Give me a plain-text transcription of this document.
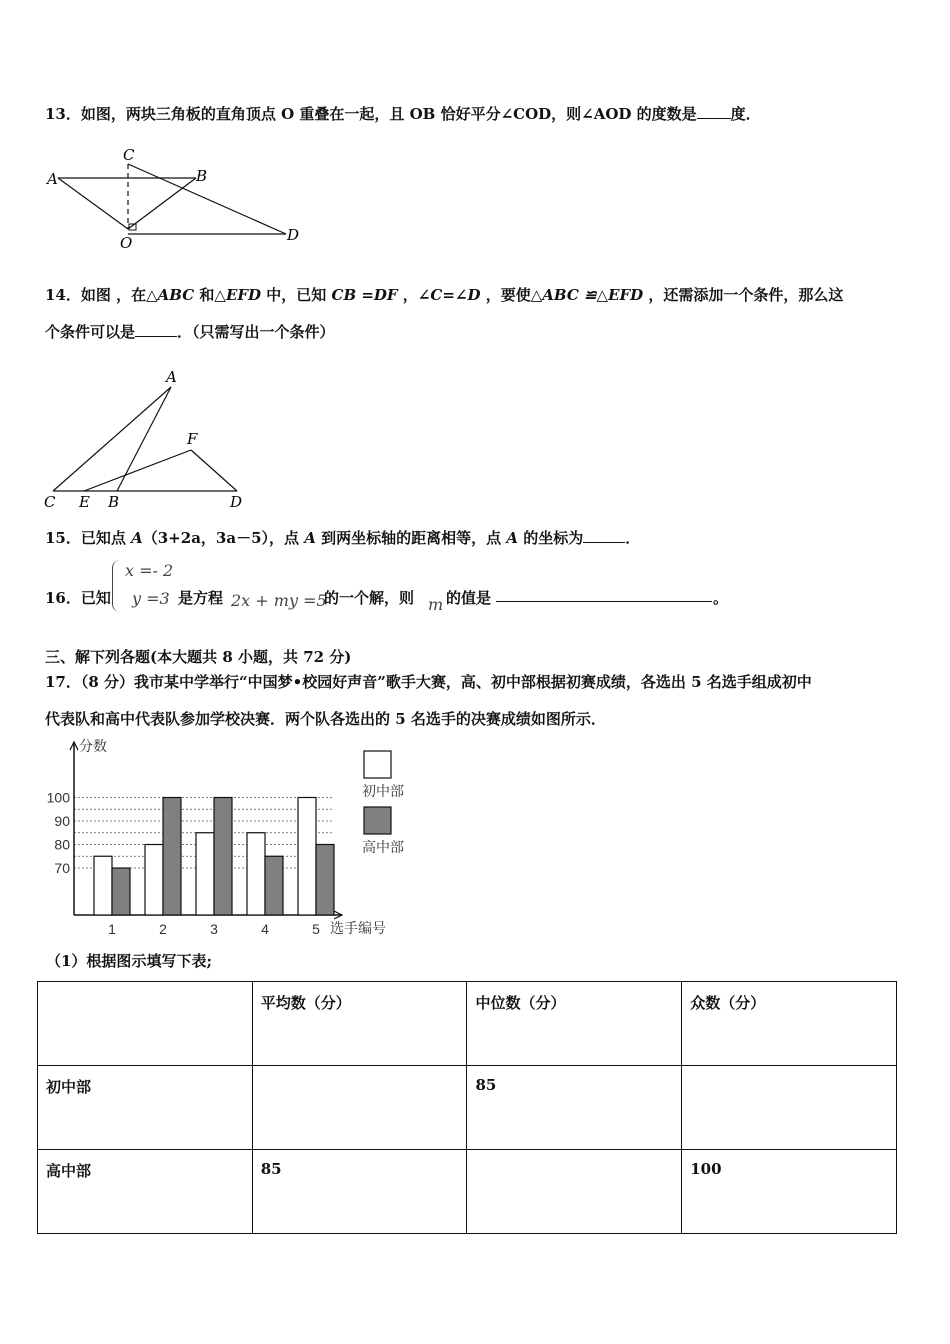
13．如图，两块三角板的直角顶点 O 重叠在一起，且 OB 恰好平分∠COD，则∠AOD 的度数是 度．
C
A	B
O	D
14．如图 ，在△ABC 和△EFD 中，已知 CB =DF ，∠C=∠D ，要使△ABC ≌△EFD ，还需添加一个条件，那么这
个条件可以是	．（只需写出一个条件）
A
F
C E B	D
15．已知点 A（3+2a，3a－5），点 A 到两坐标轴的距离相等，点 A 的坐标为	．
16．已知
x =- 2
y =3 是方程 2x + my =5
的一个解，则 m 的值是	。
三、解下列各题(本大题共 8 小题，共 72 分)
17．（8 分）我市某中学举行“中国梦•校园好声音”歌手大赛，高、初中部根据初赛成绩，各选出 5 名选手组成初中
代表队和高中代表队参加学校决赛．两个队各选出的 5 名选手的决赛成绩如图所示．
分数
选手编号
70
80
90
100
1	2	3	4	5
初中部
高中部
（1）根据图示填写下表;
	平均数（分）	中位数（分）	众数（分）
初中部		85	
高中部	85		100
